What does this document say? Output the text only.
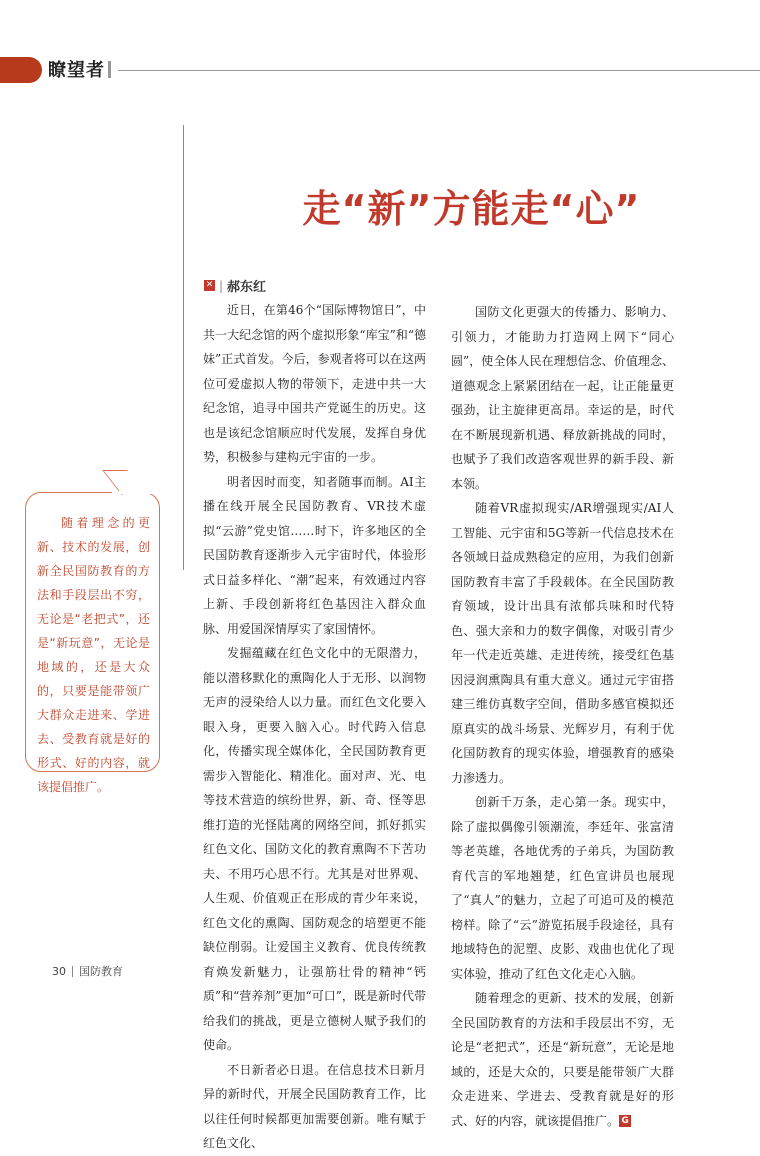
瞭望者
走“新”方能走“心”
✕ | 郝东红

近日，在第46个“国际博物馆日”，中共一大纪念馆的两个虚拟形象“库宝”和“德妹”正式首发。今后，参观者将可以在这两位可爱虚拟人物的带领下，走进中共一大纪念馆，追寻中国共产党诞生的历史。这也是该纪念馆顺应时代发展，发挥自身优势，积极参与建构元宇宙的一步。

明者因时而变，知者随事而制。AI主播在线开展全民国防教育、VR技术虚拟“云游”党史馆……时下，许多地区的全民国防教育逐渐步入元宇宙时代，体验形式日益多样化、“潮”起来，有效通过内容上新、手段创新将红色基因注入群众血脉、用爱国深情厚实了家国情怀。

发掘蕴藏在红色文化中的无限潜力，能以潜移默化的熏陶化人于无形、以润物无声的浸染给人以力量。而红色文化要入眼入身，更要入脑入心。时代跨入信息化，传播实现全媒体化，全民国防教育更需步入智能化、精准化。面对声、光、电等技术营造的缤纷世界，新、奇、怪等思维打造的光怪陆离的网络空间，抓好抓实红色文化、国防文化的教育熏陶不下苦功夫、不用巧心思不行。尤其是对世界观、人生观、价值观正在形成的青少年来说，红色文化的熏陶、国防观念的培塑更不能缺位削弱。让爱国主义教育、优良传统教育焕发新魅力，让强筋壮骨的精神“钙质”和“营养剂”更加“可口”，既是新时代带给我们的挑战，更是立德树人赋予我们的使命。

不日新者必日退。在信息技术日新月异的新时代，开展全民国防教育工作，比以往任何时候都更加需要创新。唯有赋于红色文化、

国防文化更强大的传播力、影响力、引领力，才能助力打造网上网下“同心圆”，使全体人民在理想信念、价值理念、道德观念上紧紧团结在一起，让正能量更强劲，让主旋律更高昂。幸运的是，时代在不断展现新机遇、释放新挑战的同时，也赋予了我们改造客观世界的新手段、新本领。

随着VR虚拟现实/AR增强现实/AI人工智能、元宇宙和5G等新一代信息技术在各领域日益成熟稳定的应用，为我们创新国防教育丰富了手段载体。在全民国防教育领域，设计出具有浓郁兵味和时代特色、强大亲和力的数字偶像，对吸引青少年一代走近英雄、走进传统，接受红色基因浸润熏陶具有重大意义。通过元宇宙搭建三维仿真数字空间，借助多感官模拟还原真实的战斗场景、光辉岁月，有利于优化国防教育的现实体验，增强教育的感染力渗透力。

创新千万条，走心第一条。现实中，除了虚拟偶像引领潮流，李廷年、张富清等老英雄，各地优秀的子弟兵，为国防教育代言的军地翘楚，红色宣讲员也展现了“真人”的魅力，立起了可追可及的模范榜样。除了“云”游览拓展手段途径，具有地域特色的泥塑、皮影、戏曲也优化了现实体验，推动了红色文化走心入脑。

随着理念的更新、技术的发展，创新全民国防教育的方法和手段层出不穷，无论是“老把式”，还是“新玩意”，无论是地域的，还是大众的，只要是能带领广大群众走进来、学进去、受教育就是好的形式、好的内容，就该提倡推广。 G

随着理念的更新、技术的发展，创新全民国防教育的方法和手段层出不穷，无论是“老把式”，还是“新玩意”，无论是地域的，还是大众的，只要是能带领广大群众走进来、学进去、受教育就是好的形式、好的内容，就该提倡推广。

30 国防教育
